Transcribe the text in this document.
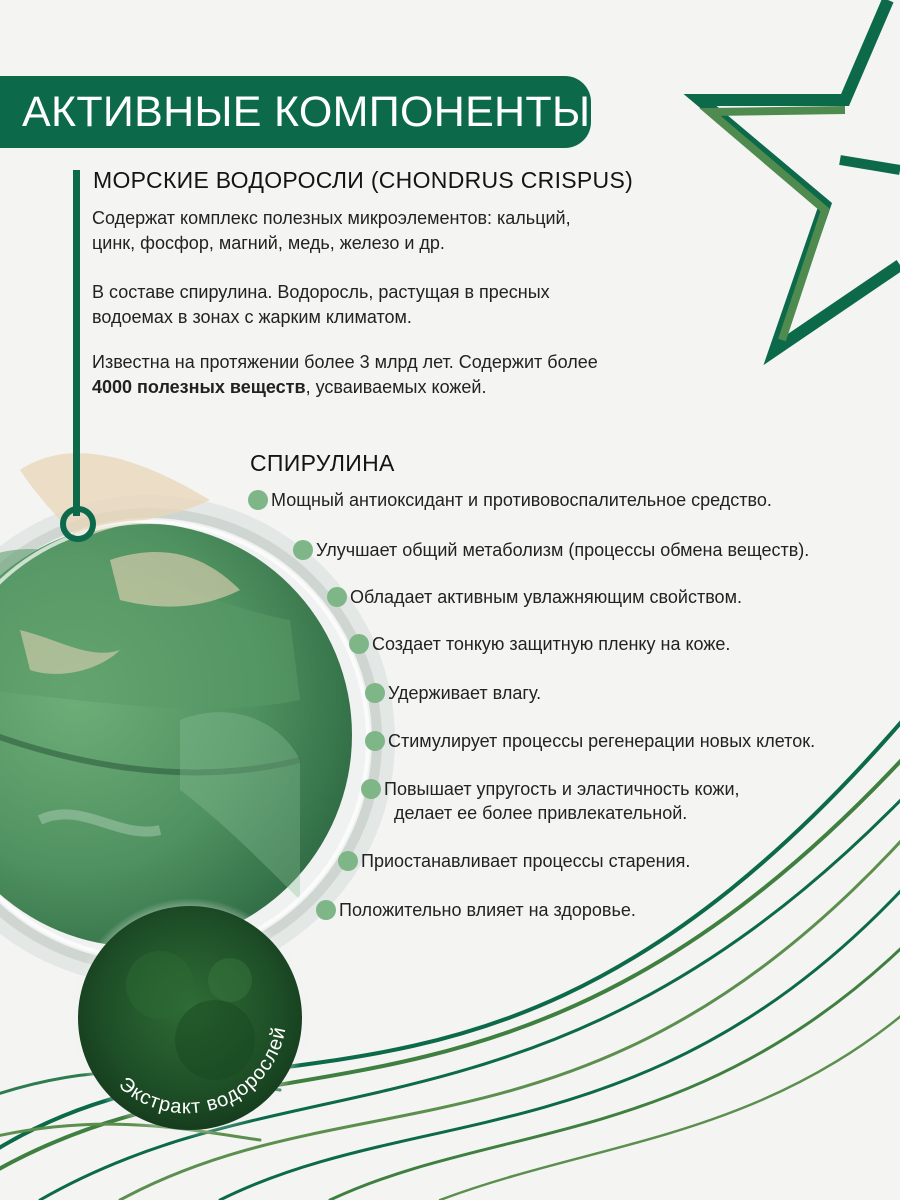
АКТИВНЫЕ КОМПОНЕНТЫ
МОРСКИЕ ВОДОРОСЛИ (CHONDRUS CRISPUS)
Содержат комплекс полезных микроэлементов: кальций,
цинк, фосфор, магний, медь, железо и др.
В составе спирулина. Водоросль, растущая в пресных
водоемах в зонах с жарким климатом.
Известна на протяжении более 3 млрд лет. Содержит более
4000 полезных веществ, усваиваемых кожей.
СПИРУЛИНА
Мощный антиоксидант и противовоспалительное средство.
Улучшает общий метаболизм (процессы обмена веществ).
Обладает активным увлажняющим свойством.
Создает тонкую защитную пленку на коже.
Удерживает влагу.
Стимулирует процессы регенерации новых клеток.
Повышает упругость и эластичность кожи,
делает ее более привлекательной.
Приостанавливает процессы старения.
Положительно влияет на здоровье.
Экстракт водорослей
